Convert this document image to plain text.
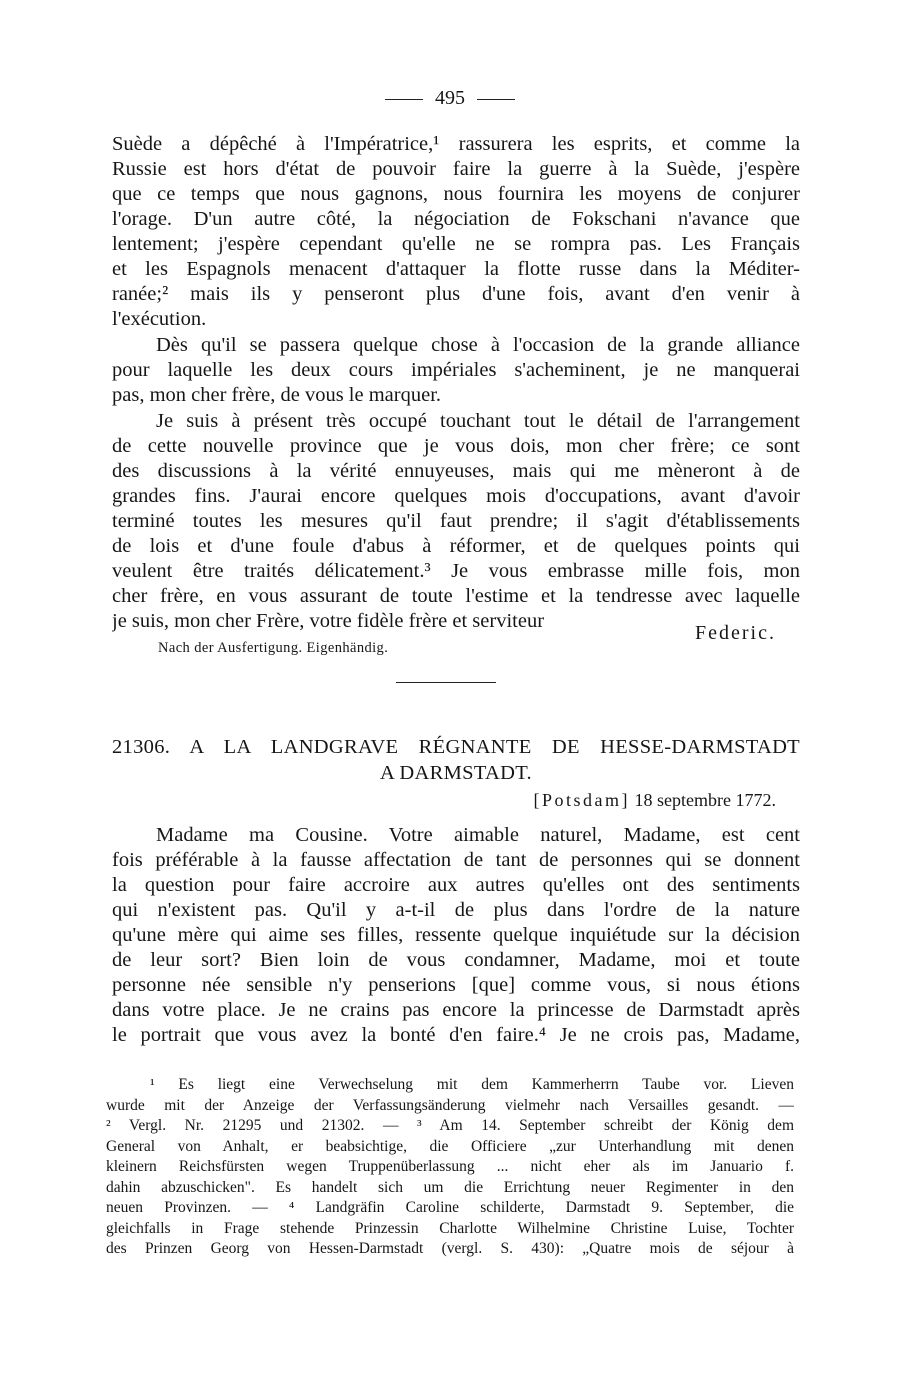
495
Suède a dépêché à l'Impératrice,¹ rassurera les esprits, et comme la
Russie est hors d'état de pouvoir faire la guerre à la Suède, j'espère
que ce temps que nous gagnons, nous fournira les moyens de conjurer
l'orage. D'un autre côté, la négociation de Fokschani n'avance que
lentement; j'espère cependant qu'elle ne se rompra pas. Les Français
et les Espagnols menacent d'attaquer la flotte russe dans la Méditer-
ranée;² mais ils y penseront plus d'une fois, avant d'en venir à
l'exécution.
Dès qu'il se passera quelque chose à l'occasion de la grande alliance
pour laquelle les deux cours impériales s'acheminent, je ne manquerai
pas, mon cher frère, de vous le marquer.
Je suis à présent très occupé touchant tout le détail de l'arrangement
de cette nouvelle province que je vous dois, mon cher frère; ce sont
des discussions à la vérité ennuyeuses, mais qui me mèneront à de
grandes fins. J'aurai encore quelques mois d'occupations, avant d'avoir
terminé toutes les mesures qu'il faut prendre; il s'agit d'établissements
de lois et d'une foule d'abus à réformer, et de quelques points qui
veulent être traités délicatement.³ Je vous embrasse mille fois, mon
cher frère, en vous assurant de toute l'estime et la tendresse avec laquelle
je suis, mon cher Frère, votre fidèle frère et serviteur
Federic.
Nach der Ausfertigung. Eigenhändig.
21306. A LA LANDGRAVE RÉGNANTE DE HESSE-DARMSTADT
A DARMSTADT.
[Potsdam] 18 septembre 1772.
Madame ma Cousine. Votre aimable naturel, Madame, est cent
fois préférable à la fausse affectation de tant de personnes qui se donnent
la question pour faire accroire aux autres qu'elles ont des sentiments
qui n'existent pas. Qu'il y a-t-il de plus dans l'ordre de la nature
qu'une mère qui aime ses filles, ressente quelque inquiétude sur la décision
de leur sort? Bien loin de vous condamner, Madame, moi et toute
personne née sensible n'y penserions [que] comme vous, si nous étions
dans votre place. Je ne crains pas encore la princesse de Darmstadt après
le portrait que vous avez la bonté d'en faire.⁴ Je ne crois pas, Madame,
¹ Es liegt eine Verwechselung mit dem Kammerherrn Taube vor. Lieven
wurde mit der Anzeige der Verfassungsänderung vielmehr nach Versailles gesandt. —
² Vergl. Nr. 21295 und 21302. — ³ Am 14. September schreibt der König dem
General von Anhalt, er beabsichtige, die Officiere „zur Unterhandlung mit denen
kleinern Reichsfürsten wegen Truppenüberlassung ... nicht eher als im Januario f.
dahin abzuschicken". Es handelt sich um die Errichtung neuer Regimenter in den
neuen Provinzen. — ⁴ Landgräfin Caroline schilderte, Darmstadt 9. September, die
gleichfalls in Frage stehende Prinzessin Charlotte Wilhelmine Christine Luise, Tochter
des Prinzen Georg von Hessen-Darmstadt (vergl. S. 430): „Quatre mois de séjour à
